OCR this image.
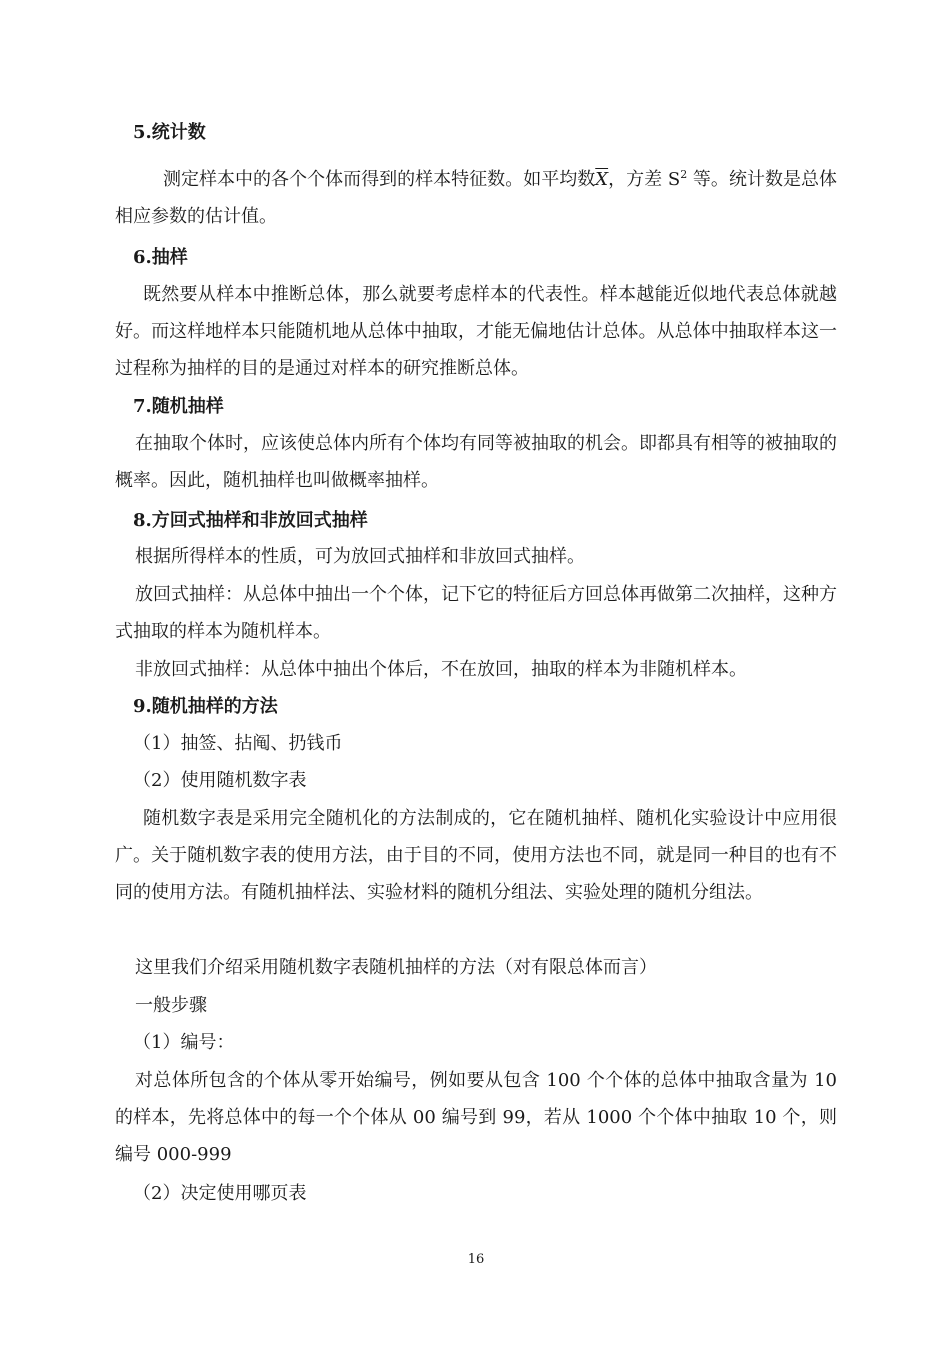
5.统计数

测定样本中的各个个体而得到的样本特征数。如平均数$\overline{X}$，方差 $S^2$ 等。统计数是总体相应参数的估计值。

6.抽样

既然要从样本中推断总体，那么就要考虑样本的代表性。样本越能近似地代表总体就越好。而这样地样本只能随机地从总体中抽取，才能无偏地估计总体。从总体中抽取样本这一过程称为抽样的目的是通过对样本的研究推断总体。

7.随机抽样

在抽取个体时，应该使总体内所有个体均有同等被抽取的机会。即都具有相等的被抽取的概率。因此，随机抽样也叫做概率抽样。

8.方回式抽样和非放回式抽样

根据所得样本的性质，可为放回式抽样和非放回式抽样。

放回式抽样：从总体中抽出一个个体，记下它的特征后方回总体再做第二次抽样，这种方式抽取的样本为随机样本。

非放回式抽样：从总体中抽出个体后，不在放回，抽取的样本为非随机样本。

9.随机抽样的方法
（1）抽签、拈阄、扔钱币
（2）使用随机数字表

随机数字表是采用完全随机化的方法制成的，它在随机抽样、随机化实验设计中应用很广。关于随机数字表的使用方法，由于目的不同，使用方法也不同，就是同一种目的也有不同的使用方法。有随机抽样法、实验材料的随机分组法、实验处理的随机分组法。

这里我们介绍采用随机数字表随机抽样的方法（对有限总体而言）

一般步骤

（1）编号：

对总体所包含的个体从零开始编号，例如要从包含 100 个个体的总体中抽取含量为 10 的样本，先将总体中的每一个个体从 00 编号到 99，若从 1000 个个体中抽取 10 个，则编号 000-999

（2）决定使用哪页表
16
